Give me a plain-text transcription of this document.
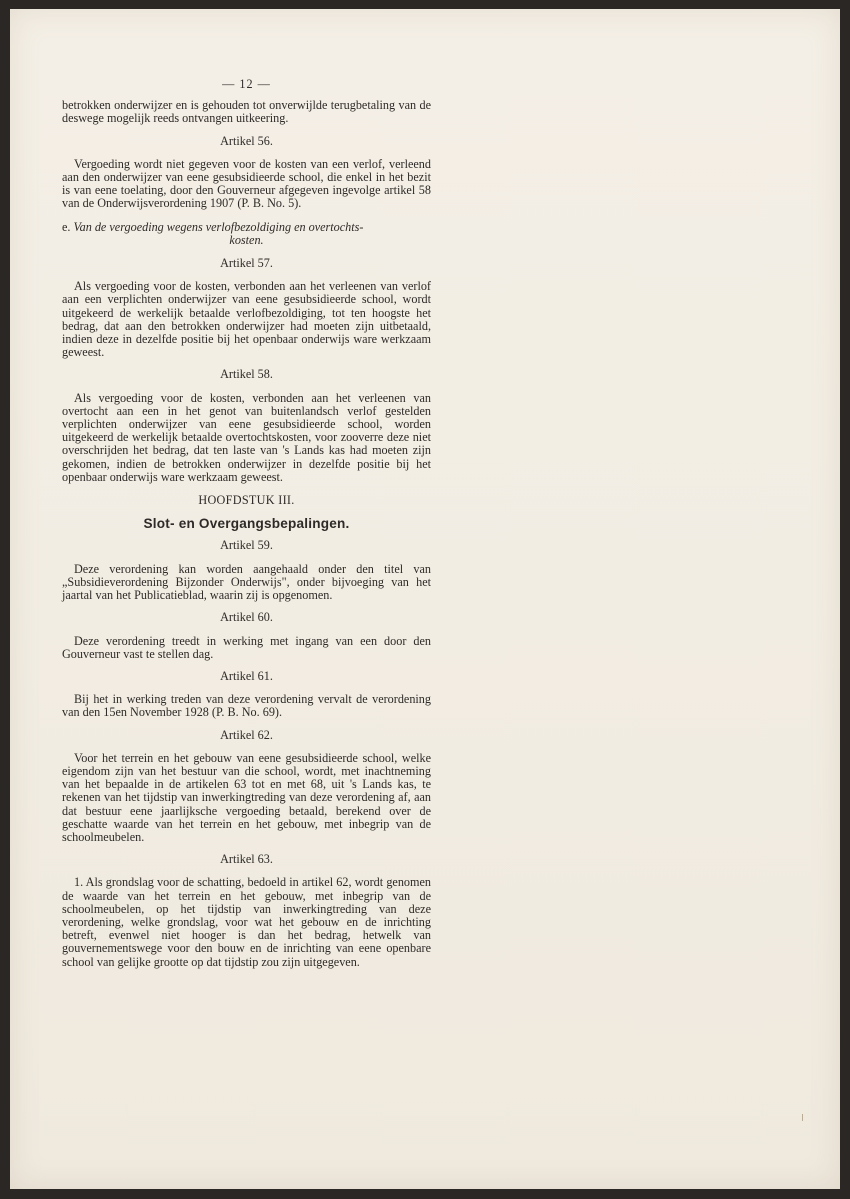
— 12 —

betrokken onderwijzer en is gehouden tot onverwijlde terugbetaling van de deswege mogelijk reeds ontvangen uitkeering.

Artikel 56.

Vergoeding wordt niet gegeven voor de kosten van een verlof, verleend aan den onderwijzer van eene gesubsidieerde school, die enkel in het bezit is van eene toelating, door den Gouverneur afgegeven ingevolge artikel 58 van de Onderwijsverordening 1907 (P. B. No. 5).

e. Van de vergoeding wegens verlofbezoldiging en overtochts-
kosten.
Artikel 57.

Als vergoeding voor de kosten, verbonden aan het verleenen van verlof aan een verplichten onderwijzer van eene gesubsidieerde school, wordt uitgekeerd de werkelijk betaalde verlofbezoldiging, tot ten hoogste het bedrag, dat aan den betrokken onderwijzer had moeten zijn uitbetaald, indien deze in dezelfde positie bij het openbaar onderwijs ware werkzaam geweest.

Artikel 58.

Als vergoeding voor de kosten, verbonden aan het verleenen van overtocht aan een in het genot van buitenlandsch verlof gestelden verplichten onderwijzer van eene gesubsidieerde school, worden uitgekeerd de werkelijk betaalde overtochtskosten, voor zooverre deze niet overschrijden het bedrag, dat ten laste van 's Lands kas had moeten zijn gekomen, indien de betrokken onderwijzer in dezelfde positie bij het openbaar onderwijs ware werkzaam geweest.

HOOFDSTUK III.
Slot- en Overgangsbepalingen.
Artikel 59.

Deze verordening kan worden aangehaald onder den titel van „Subsidieverordening Bijzonder Onderwijs", onder bijvoeging van het jaartal van het Publicatieblad, waarin zij is opgenomen.

Artikel 60.

Deze verordening treedt in werking met ingang van een door den Gouverneur vast te stellen dag.

Artikel 61.

Bij het in werking treden van deze verordening vervalt de verordening van den 15en November 1928 (P. B. No. 69).

Artikel 62.

Voor het terrein en het gebouw van eene gesubsidieerde school, welke eigendom zijn van het bestuur van die school, wordt, met inachtneming van het bepaalde in de artikelen 63 tot en met 68, uit 's Lands kas, te rekenen van het tijdstip van inwerkingtreding van deze verordening af, aan dat bestuur eene jaarlijksche vergoeding betaald, berekend over de geschatte waarde van het terrein en het gebouw, met inbegrip van de schoolmeubelen.

Artikel 63.

1. Als grondslag voor de schatting, bedoeld in artikel 62, wordt genomen de waarde van het terrein en het gebouw, met inbegrip van de schoolmeubelen, op het tijdstip van inwerkingtreding van deze verordening, welke grondslag, voor wat het gebouw en de inrichting betreft, evenwel niet hooger is dan het bedrag, hetwelk van gouvernementswege voor den bouw en de inrichting van eene openbare school van gelijke grootte op dat tijdstip zou zijn uitgegeven.
